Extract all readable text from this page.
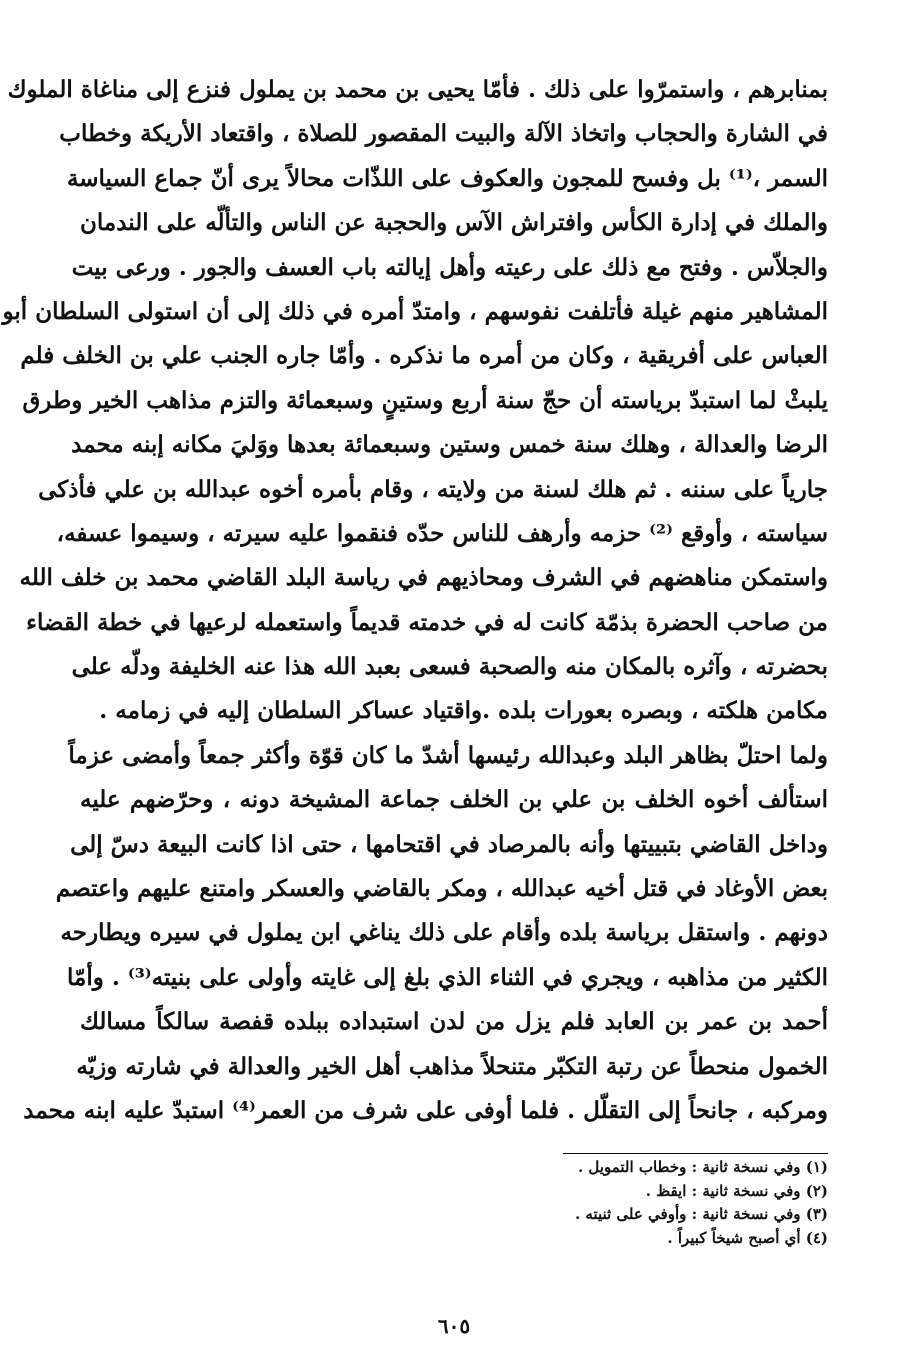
بمنابرهم ، واستمرّوا على ذلك . فأمّا يحيى بن محمد بن يملول فنزع إلى مناغاة الملوك
في الشارة والحجاب واتخاذ الآلة والبيت المقصور للصلاة ، واقتعاد الأريكة وخطاب
السمر ،⁽¹⁾ بل وفسح للمجون والعكوف على اللذّات محالاً يرى أنّ جماع السياسة
والملك في إدارة الكأس وافتراش الآس والحجبة عن الناس والتألّه على الندمان
والجلاّس . وفتح مع ذلك على رعيته وأهل إيالته باب العسف والجور . ورعى بيت
المشاهير منهم غيلة فأتلفت نفوسهم ، وامتدّ أمره في ذلك إلى أن استولى السلطان أبو
العباس على أفريقية ، وكان من أمره ما نذكره . وأمّا جاره الجنب علي بن الخلف فلم
يلبثْ لما استبدّ برياسته أن حجّ سنة أربع وستينٍ وسبعمائة والتزم مذاهب الخير وطرق
الرضا والعدالة ، وهلك سنة خمس وستين وسبعمائة بعدها ووَليَ مكانه إبنه محمد
جارياً على سننه . ثم هلك لسنة من ولايته ، وقام بأمره أخوه عبدالله بن علي فأذكى
سياسته ، وأوقع ⁽²⁾ حزمه وأرهف للناس حدّه فنقموا عليه سيرته ، وسيموا عسفه،
واستمكن مناهضهم في الشرف ومحاذيهم في رياسة البلد القاضي محمد بن خلف الله
من صاحب الحضرة بذمّة كانت له في خدمته قديماً واستعمله لرعيها في خطة القضاء
بحضرته ، وآثره بالمكان منه والصحبة فسعى بعبد الله هذا عنه الخليفة ودلّه على
مكامن هلكته ، وبصره بعورات بلده .واقتياد عساكر السلطان إليه في زمامه .
ولما احتلّ بظاهر البلد وعبدالله رئيسها أشدّ ما كان قوّة وأكثر جمعاً وأمضى عزماً
استألف أخوه الخلف بن علي بن الخلف جماعة المشيخة دونه ، وحرّضهم عليه
وداخل القاضي بتبييتها وأنه بالمرصاد في اقتحامها ، حتى اذا كانت البيعة دسّ إلى
بعض الأوغاد في قتل أخيه عبدالله ، ومكر بالقاضي والعسكر وامتنع عليهم واعتصم
دونهم . واستقل برياسة بلده وأقام على ذلك يناغي ابن يملول في سيره ويطارحه
الكثير من مذاهبه ، ويجري في الثناء الذي بلغ إلى غايته وأولى على بنيته⁽³⁾ . وأمّا
أحمد بن عمر بن العابد فلم يزل من لدن استبداده ببلده قفصة سالكاً مسالك
الخمول منحطاً عن رتبة التكبّر متنحلاً مذاهب أهل الخير والعدالة في شارته وزيّه
ومركبه ، جانحاً إلى التقلّل . فلما أوفى على شرف من العمر⁽⁴⁾ استبدّ عليه ابنه محمد
(١) وفي نسخة ثانية : وخطاب التمويل .
(٢) وفي نسخة ثانية : ايقظ .
(٣) وفي نسخة ثانية : وأوفي على ثنيته .
(٤) أي أصبح شيخاً كبيراً .
٦٠٥
